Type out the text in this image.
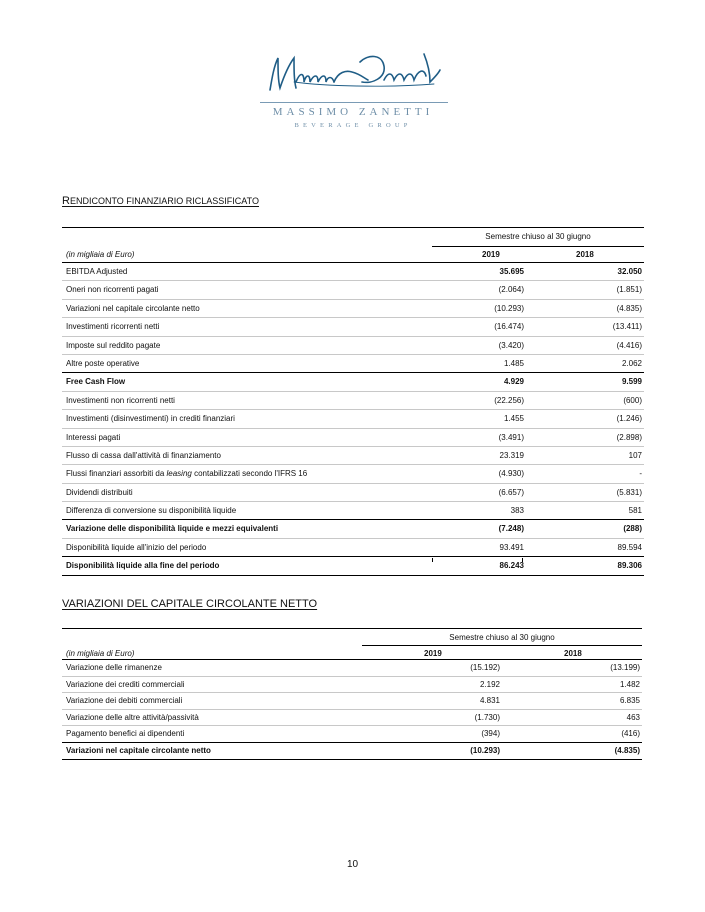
MASSIMO ZANETTI
BEVERAGE GROUP
RENDICONTO FINANZIARIO RICLASSIFICATO
Semestre chiuso al 30 giugno
(in migliaia di Euro)	2019	2018
EBITDA Adjusted	35.695	32.050
Oneri non ricorrenti pagati	(2.064)	(1.851)
Variazioni nel capitale circolante netto	(10.293)	(4.835)
Investimenti ricorrenti netti	(16.474)	(13.411)
Imposte sul reddito pagate	(3.420)	(4.416)
Altre poste operative	1.485	2.062
Free Cash Flow	4.929	9.599
Investimenti non ricorrenti netti	(22.256)	(600)
Investimenti (disinvestimenti) in crediti finanziari	1.455	(1.246)
Interessi pagati	(3.491)	(2.898)
Flusso di cassa dall'attività di finanziamento	23.319	107
Flussi finanziari assorbiti da leasing contabilizzati secondo l'IFRS 16	(4.930)	-
Dividendi distribuiti	(6.657)	(5.831)
Differenza di conversione su disponibilità liquide	383	581
Variazione delle disponibilità liquide e mezzi equivalenti	(7.248)	(288)
Disponibilità liquide all'inizio del periodo	93.491	89.594
Disponibilità liquide alla fine del periodo	86.243	89.306
VARIAZIONI DEL CAPITALE CIRCOLANTE NETTO
Semestre chiuso al 30 giugno
(in migliaia di Euro)	2019	2018
Variazione delle rimanenze	(15.192)	(13.199)
Variazione dei crediti commerciali	2.192	1.482
Variazione dei debiti commerciali	4.831	6.835
Variazione delle altre attività/passività	(1.730)	463
Pagamento benefici ai dipendenti	(394)	(416)
Variazioni nel capitale circolante netto	(10.293)	(4.835)
10
